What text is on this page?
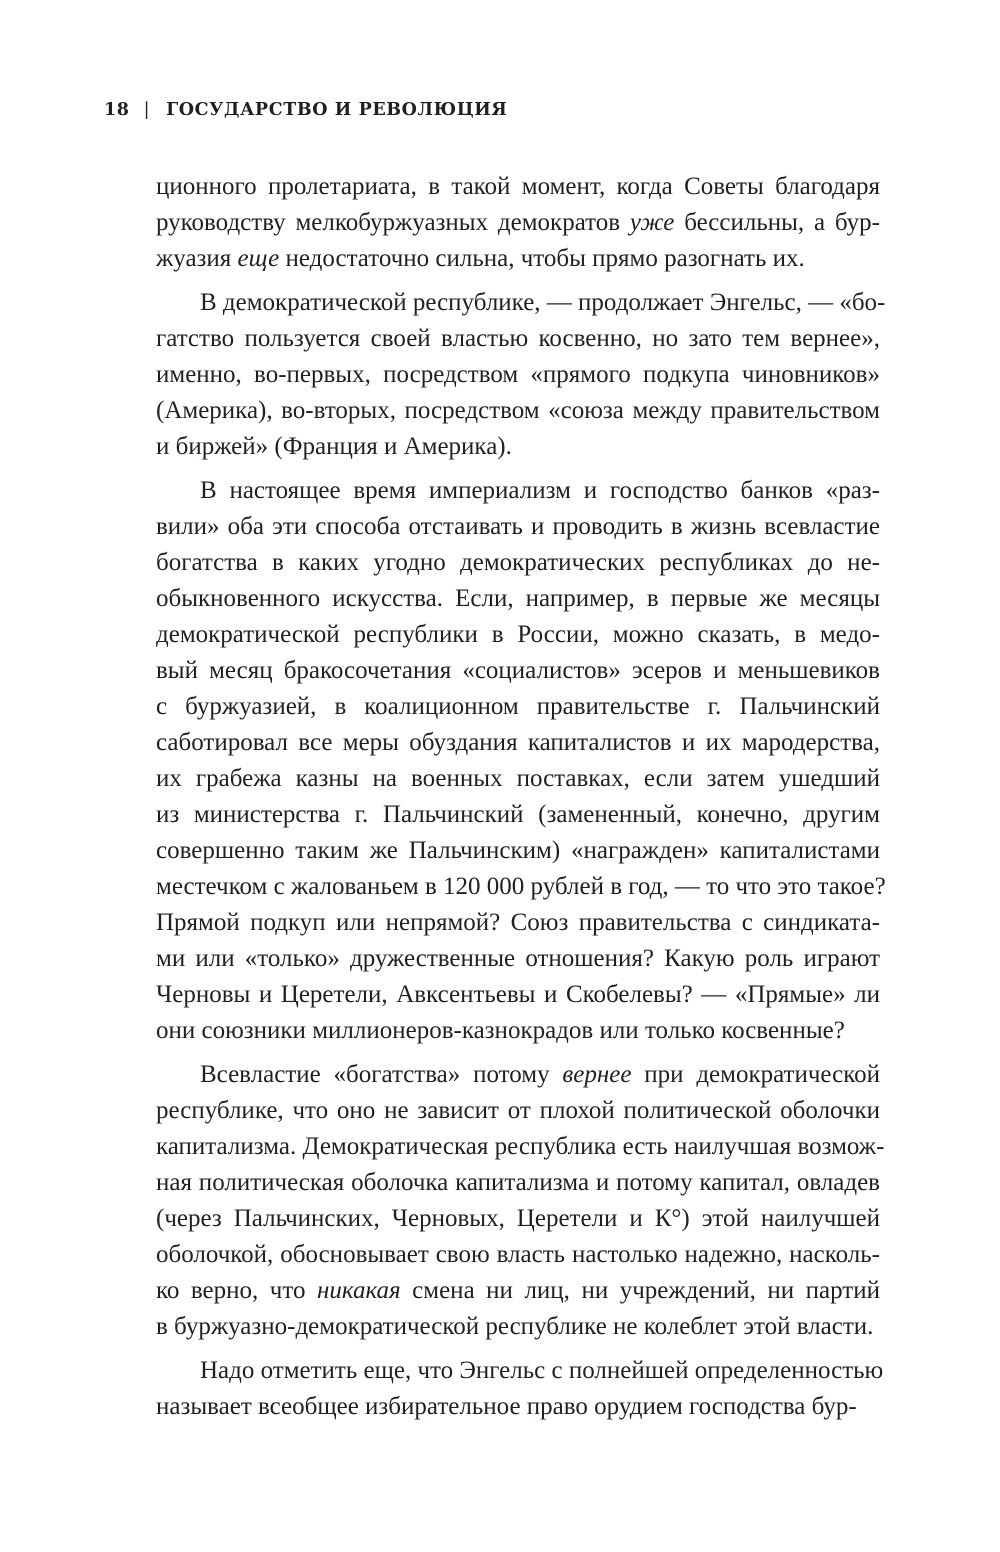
18 | ГОСУДАРСТВО И РЕВОЛЮЦИЯ
ционного пролетариата, в такой момент, когда Советы благодаря
руководству мелкобуржуазных демократов уже бессильны, а бур-
жуазия еще недостаточно сильна, чтобы прямо разогнать их.
В демократической республике, — продолжает Энгельс, — «бо-
гатство пользуется своей властью косвенно, но зато тем вернее»,
именно, во-первых, посредством «прямого подкупа чиновников»
(Америка), во-вторых, посредством «союза между правительством
и биржей» (Франция и Америка).
В настоящее время империализм и господство банков «раз-
вили» оба эти способа отстаивать и проводить в жизнь всевластие
богатства в каких угодно демократических республиках до не-
обыкновенного искусства. Если, например, в первые же месяцы
демократической республики в России, можно сказать, в медо-
вый месяц бракосочетания «социалистов» эсеров и меньшевиков
с буржуазией, в коалиционном правительстве г. Пальчинский
саботировал все меры обуздания капиталистов и их мародерства,
их грабежа казны на военных поставках, если затем ушедший
из министерства г. Пальчинский (замененный, конечно, другим
совершенно таким же Пальчинским) «награжден» капиталистами
местечком с жалованьем в 120 000 рублей в год, — то что это такое?
Прямой подкуп или непрямой? Союз правительства с синдиката-
ми или «только» дружественные отношения? Какую роль играют
Черновы и Церетели, Авксентьевы и Скобелевы? — «Прямые» ли
они союзники миллионеров-казнокрадов или только косвенные?
Всевластие «богатства» потому вернее при демократической
республике, что оно не зависит от плохой политической оболочки
капитализма. Демократическая республика есть наилучшая возмож-
ная политическая оболочка капитализма и потому капитал, овладев
(через Пальчинских, Черновых, Церетели и К°) этой наилучшей
оболочкой, обосновывает свою власть настолько надежно, насколь-
ко верно, что никакая смена ни лиц, ни учреждений, ни партий
в буржуазно-демократической республике не колеблет этой власти.
Надо отметить еще, что Энгельс с полнейшей определенностью
называет всеобщее избирательное право орудием господства бур-
